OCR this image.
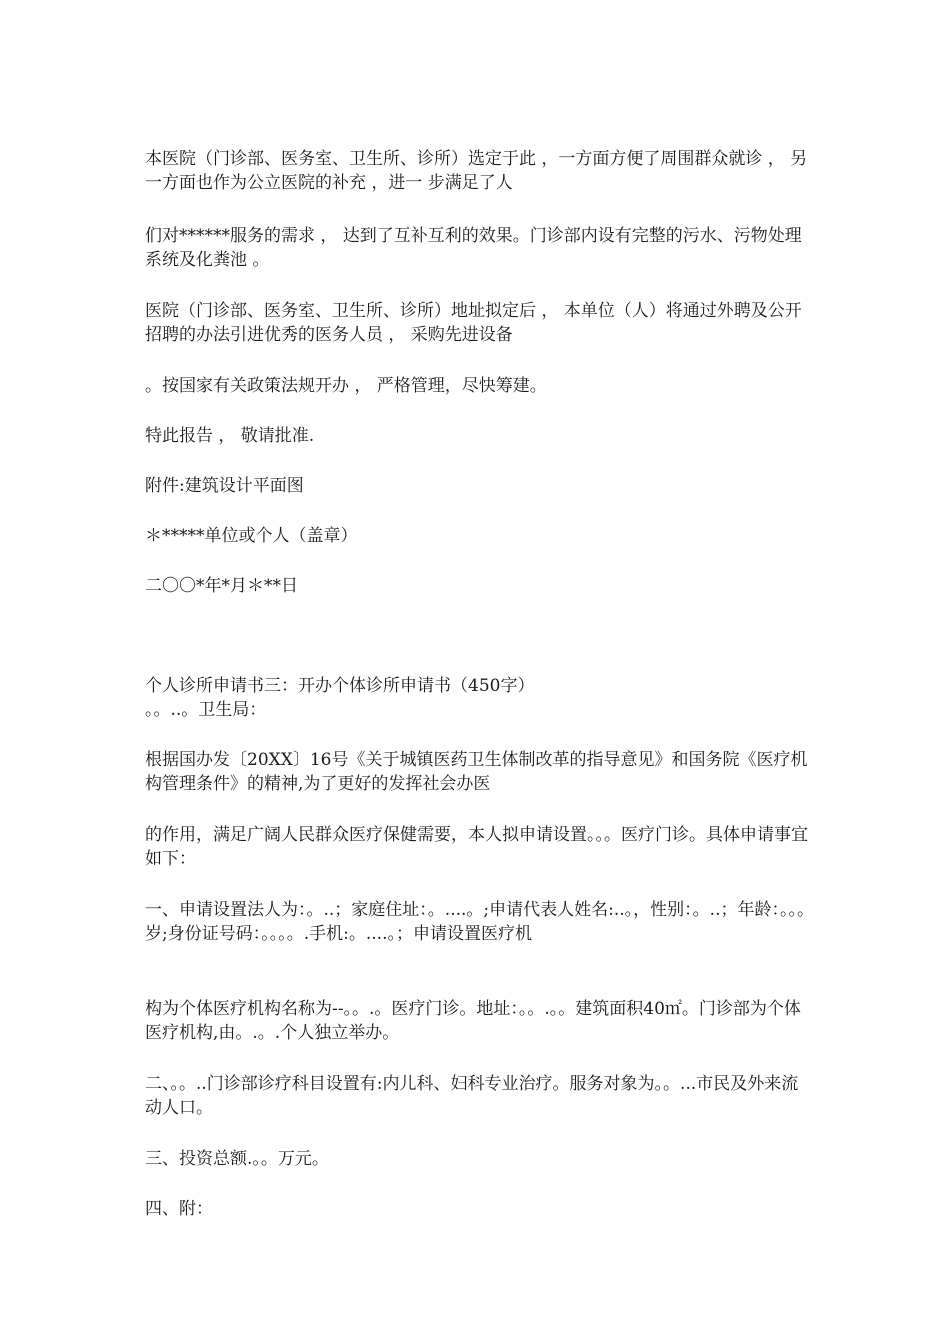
本医院（门诊部、医务室、卫生所、诊所）选定于此 ，一方面方便了周围群众就诊 ， 另一方面也作为公立医院的补充 ，进一 步满足了人
们对******服务的需求 ， 达到了互补互利的效果。门诊部内设有完整的污水、污物处理系统及化粪池 。
医院（门诊部、医务室、卫生所、诊所）地址拟定后 ， 本单位（人）将通过外聘及公开招聘的办法引进优秀的医务人员 ， 采购先进设备
。按国家有关政策法规开办 ， 严格管理，尽快筹建。
特此报告 ， 敬请批准.
附件:建筑设计平面图
＊*****单位或个人（盖章）
二〇〇*年*月＊**日
个人诊所申请书三：开办个体诊所申请书（450字）
。。..。卫生局：
根据国办发〔20XX〕16号《关于城镇医药卫生体制改革的指导意见》和国务院《医疗机构管理条件》的精神,为了更好的发挥社会办医
的作用，满足广阔人民群众医疗保健需要，本人拟申请设置。。。医疗门诊。具体申请事宜如下：
一、申请设置法人为：。..；家庭住址：。....。;申请代表人姓名:..。，性别：。..；年龄：。。。岁;身份证号码：。。。。.手机:。....。；申请设置医疗机
构为个体医疗机构名称为--。。.。医疗门诊。地址：。。.。。建筑面积40㎡。门诊部为个体医疗机构,由。.。.个人独立举办。
二、。。..门诊部诊疗科目设置有:内儿科、妇科专业治疗。服务对象为。。...市民及外来流动人口。
三、投资总额.。。万元。
四、附：
